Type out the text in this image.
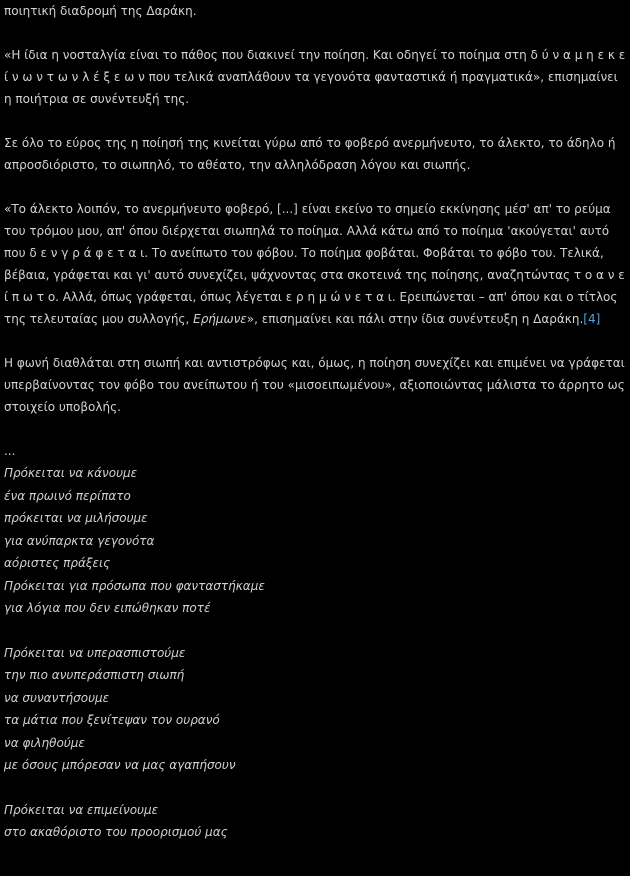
ποιητική διαδρομή της Δαράκη.

«Η ίδια η νοσταλγία είναι το πάθος που διακινεί την ποίηση. Και οδηγεί το ποίημα στη δ ύ ν α μ η ε κ ε ί ν ω ν τ ω ν λ έ ξ ε ω ν που τελικά αναπλάθουν τα γεγονότα φανταστικά ή πραγματικά», επισημαίνει η ποιήτρια σε συνέντευξή της.

Σε όλο το εύρος της η ποίησή της κινείται γύρω από το φοβερό ανερμήνευτο, το άλεκτο, το άδηλο ή απροσδιόριστο, το σιωπηλό, το αθέατο, την αλληλόδραση λόγου και σιωπής.

«Το άλεκτο λοιπόν, το ανερμήνευτο φοβερό, [...] είναι εκείνο το σημείο εκκίνησης μέσ' απ' το ρεύμα του τρόμου μου, απ' όπου διέρχεται σιωπηλά το ποίημα. Αλλά κάτω από το ποίημα 'ακούγεται' αυτό που δ ε ν γ ρ ά φ ε τ α ι. Το ανείπωτο του φόβου. Το ποίημα φοβάται. Φοβάται το φόβο του. Τελικά, βέβαια, γράφεται και γι' αυτό συνεχίζει, ψάχνοντας στα σκοτεινά της ποίησης, αναζητώντας τ ο α ν ε ί π ω τ ο. Αλλά, όπως γράφεται, όπως λέγεται ε ρ η μ ώ ν ε τ α ι. Ερειπώνεται – απ' όπου και ο τίτλος της τελευταίας μου συλλογής, Ερήμωνε», επισημαίνει και πάλι στην ίδια συνέντευξη η Δαράκη.[4]

Η φωνή διαθλάται στη σιωπή και αντιστρόφως και, όμως, η ποίηση συνεχίζει και επιμένει να γράφεται υπερβαίνοντας τον φόβο του ανείπωτου ή του «μισοειπωμένου», αξιοποιώντας μάλιστα το άρρητο ως στοιχείο υποβολής.

...

Πρόκειται να κάνουμε

ένα πρωινό περίπατο

πρόκειται να μιλήσουμε

για ανύπαρκτα γεγονότα

αόριστες πράξεις

Πρόκειται για πρόσωπα που φανταστήκαμε

για λόγια που δεν ειπώθηκαν ποτέ

Πρόκειται να υπερασπιστούμε

την πιο ανυπεράσπιστη σιωπή

να συναντήσουμε

τα μάτια που ξενίτεψαν τον ουρανό

να φιληθούμε

με όσους μπόρεσαν να μας αγαπήσουν

Πρόκειται να επιμείνουμε

στο ακαθόριστο του προορισμού μας
